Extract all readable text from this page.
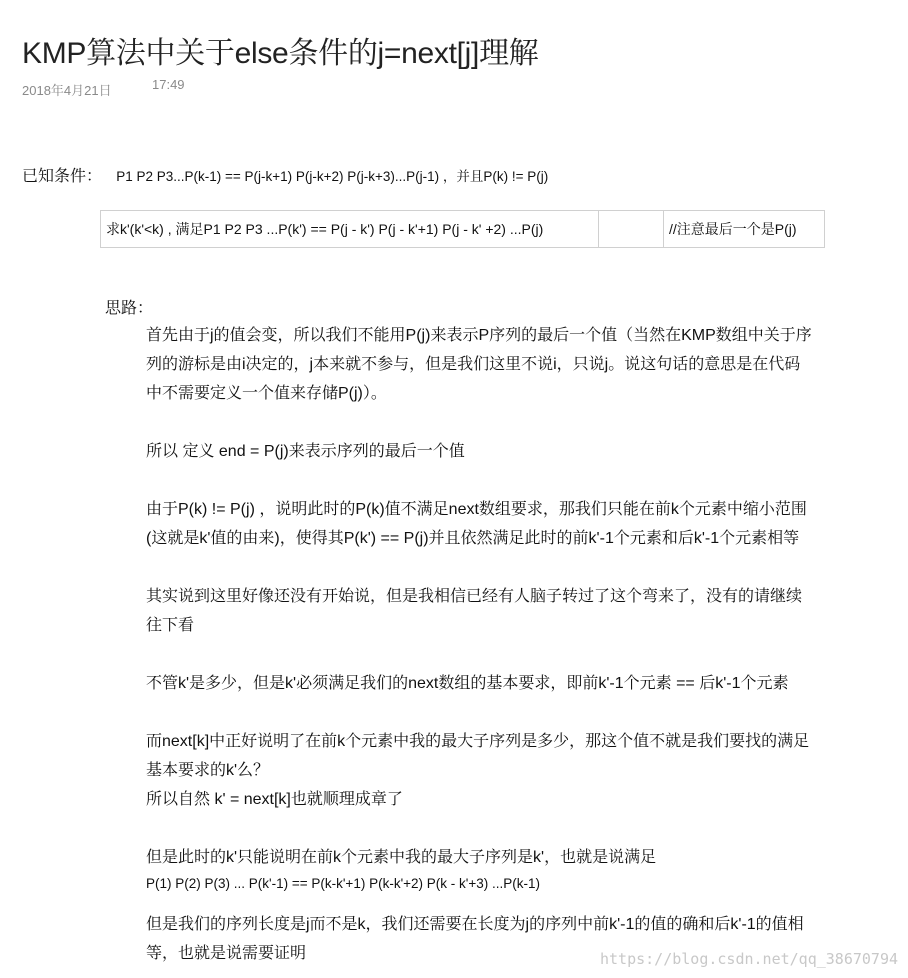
KMP算法中关于else条件的j=next[j]理解
2018年4月21日	17:49
已知条件： P1 P2 P3...P(k-1) == P(j-k+1) P(j-k+2) P(j-k+3)...P(j-1) ，并且P(k) != P(j)
求k'(k'<k) , 满足P1 P2 P3 ...P(k') == P(j - k') P(j - k'+1) P(j - k' +2) ...P(j)		//注意最后一个是P(j)
思路：

首先由于j的值会变，所以我们不能用P(j)来表示P序列的最后一个值（当然在KMP数组中关于序

列的游标是由i决定的，j本来就不参与，但是我们这里不说i，只说j。说这句话的意思是在代码

中不需要定义一个值来存储P(j)）。

所以 定义 end = P(j)来表示序列的最后一个值

由于P(k) != P(j) ，说明此时的P(k)值不满足next数组要求，那我们只能在前k个元素中缩小范围

(这就是k'值的由来)，使得其P(k') == P(j)并且依然满足此时的前k'-1个元素和后k'-1个元素相等

其实说到这里好像还没有开始说，但是我相信已经有人脑子转过了这个弯来了，没有的请继续

往下看

不管k'是多少，但是k'必须满足我们的next数组的基本要求，即前k'-1个元素 == 后k'-1个元素

而next[k]中正好说明了在前k个元素中我的最大子序列是多少，那这个值不就是我们要找的满足

基本要求的k'么？

所以自然 k' = next[k]也就顺理成章了

但是此时的k'只能说明在前k个元素中我的最大子序列是k'，也就是说满足

P(1) P(2) P(3) ... P(k'-1) == P(k-k'+1) P(k-k'+2) P(k - k'+3) ...P(k-1)

但是我们的序列长度是j而不是k，我们还需要在长度为j的序列中前k'-1的值的确和后k'-1的值相

等，也就是说需要证明	https://blog.csdn.net/qq_38670794
